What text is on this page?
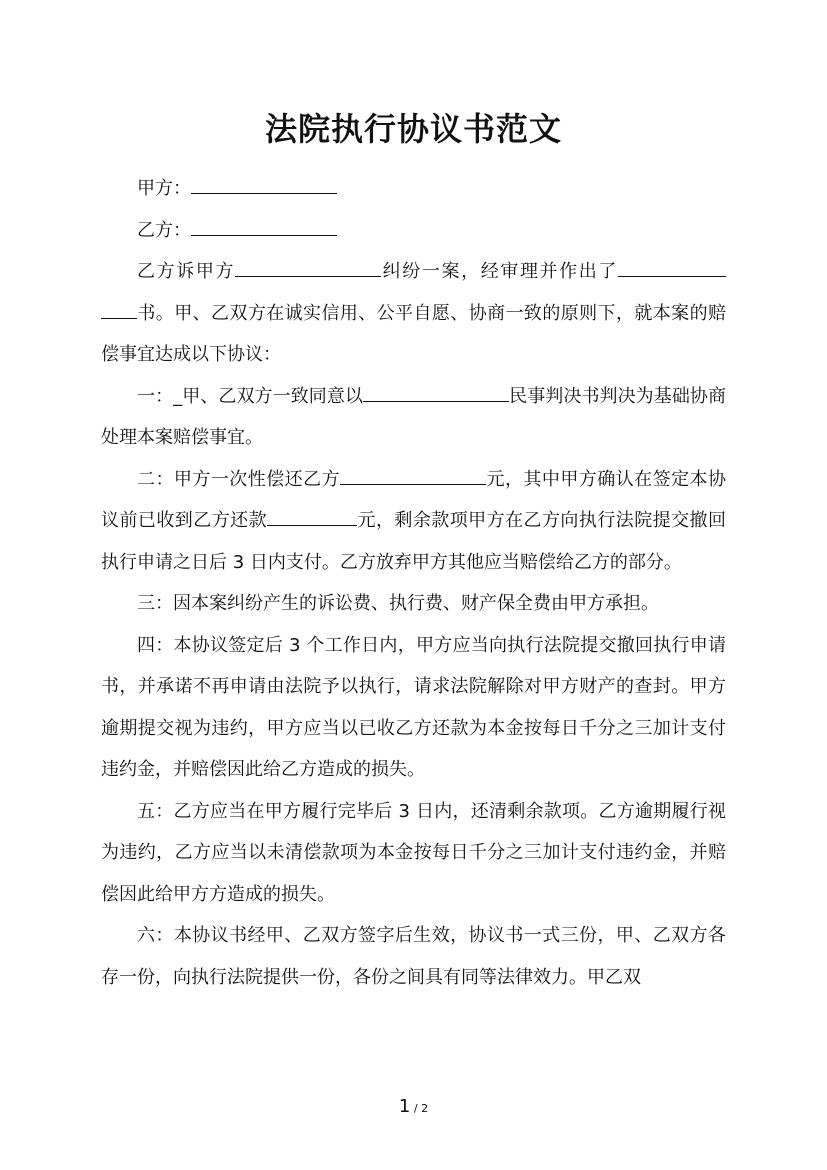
法院执行协议书范文

甲方：

乙方：

乙方诉甲方	纠纷一案，经审理并作出了书。甲、乙双方在诚实信用、公平自愿、协商一致的原则下，就本案的赔偿事宜达成以下协议：

一：_甲、乙双方一致同意以	民事判决书判决为基础协商处理本案赔偿事宜。

二：甲方一次性偿还乙方	元，其中甲方确认在签定本协议前已收到乙方还款	元，剩余款项甲方在乙方向执行法院提交撤回执行申请之日后 3 日内支付。乙方放弃甲方其他应当赔偿给乙方的部分。

三：因本案纠纷产生的诉讼费、执行费、财产保全费由甲方承担。

四：本协议签定后 3 个工作日内，甲方应当向执行法院提交撤回执行申请书，并承诺不再申请由法院予以执行，请求法院解除对甲方财产的查封。甲方逾期提交视为违约，甲方应当以已收乙方还款为本金按每日千分之三加计支付违约金，并赔偿因此给乙方造成的损失。

五：乙方应当在甲方履行完毕后 3 日内，还清剩余款项。乙方逾期履行视为违约，乙方应当以未清偿款项为本金按每日千分之三加计支付违约金，并赔偿因此给甲方方造成的损失。

六：本协议书经甲、乙双方签字后生效，协议书一式三份，甲、乙双方各存一份，向执行法院提供一份，各份之间具有同等法律效力。甲乙双

1 / 2
